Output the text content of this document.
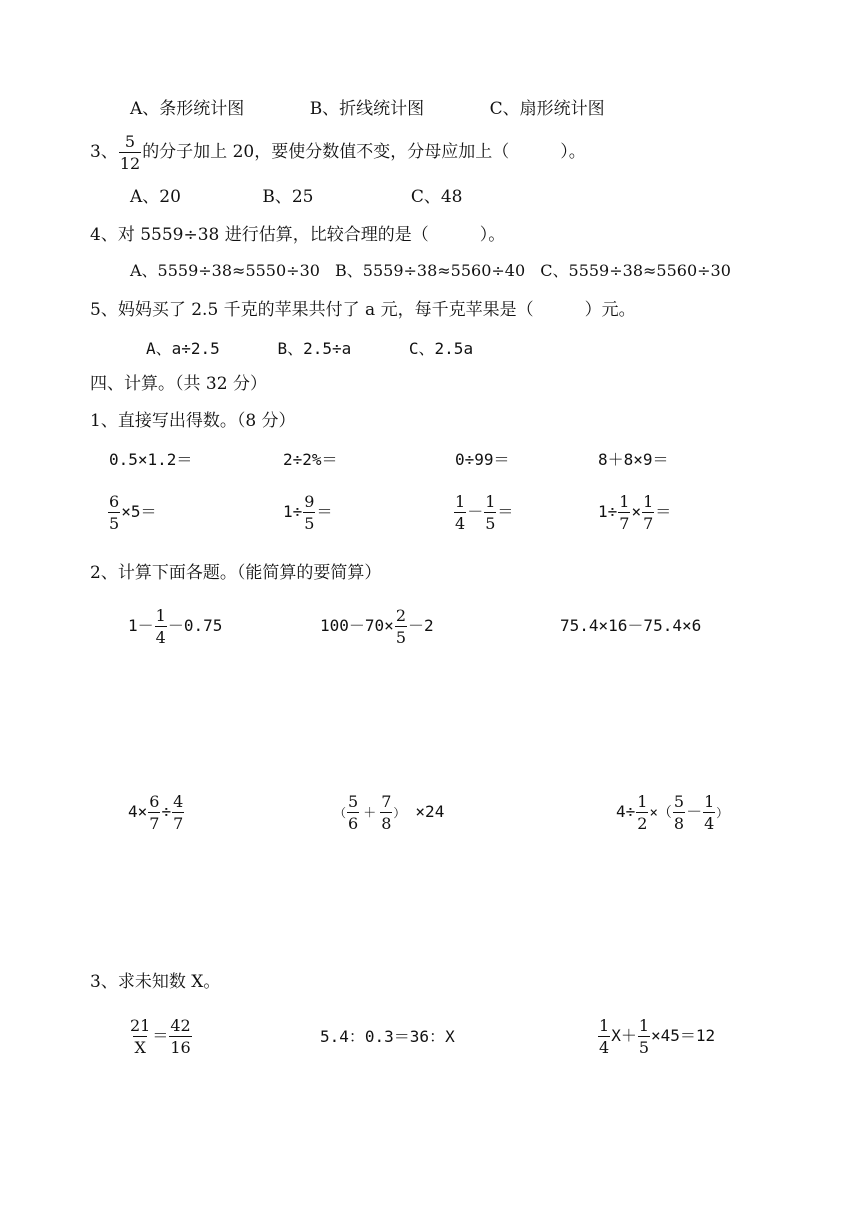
A、条形统计图	B、折线统计图	C、扇形统计图
3、 $\frac{5}{12}$ 的分子加上 20，要使分数值不变，分母应加上（　　　）。
A、20	B、25	C、48
4、对 5559÷38 进行估算，比较合理的是（　　　）。
A、5559÷38≈5550÷30 B、5559÷38≈5560÷40 C、5559÷38≈5560÷30
5、妈妈买了 2.5 千克的苹果共付了 a 元，每千克苹果是（　　　）元。
A、a÷2.5	B、2.5÷a	C、2.5a
四、计算。（共 32 分）
1、直接写出得数。（8 分）
0.5×1.2＝	2÷2%＝	0÷99＝	8＋8×9＝
$\frac{6}{5} \times 5=$	$1\div \frac{9}{5}$ ＝	$\frac{1}{4} - \frac{1}{5}$ ＝	$1\div \frac{1}{7} \times \frac{1}{7}$ ＝
2、计算下面各题。（能简算的要简算）
$1- \frac{1}{4} -0.75$	$100-70\times \frac{2}{5} -2$	75.4×16－75.4×6
$4\times \frac{6}{7} \div \frac{4}{7}$	（ $\frac{5}{6} + \frac{7}{8}$ ） ×24	$4\div \frac{1}{2}$ ×（ $\frac{5}{8} - \frac{1}{4}$ ）
3、求未知数 X。
$\frac{21}{X} = \frac{42}{16}$	5.4：0.3＝36：X	$\frac{1}{4} X+ \frac{1}{5} \times 45=12$
